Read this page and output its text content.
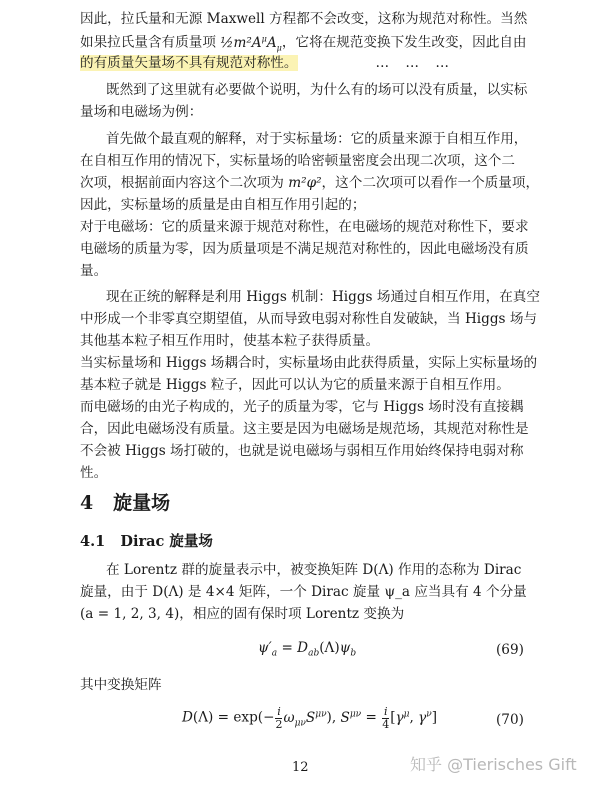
因此，拉氏量和无源 Maxwell 方程都不会改变，这称为规范对称性。当然
如果拉氏量含有质量项 $\frac{1}{2}m^2A^\mu A_\mu$，它将在规范变换下发生改变，因此自由
的有质量矢量场不具有规范对称性。	… … …
既然到了这里就有必要做个说明，为什么有的场可以没有质量，以实标
量场和电磁场为例：
首先做个最直观的解释，对于实标量场：它的质量来源于自相互作用，
在自相互作用的情况下，实标量场的哈密顿量密度会出现二次项，这个二
次项，根据前面内容这个二次项为 m²φ²，这个二次项可以看作一个质量项，
因此，实标量场的质量是由自相互作用引起的；
对于电磁场：它的质量来源于规范对称性，在电磁场的规范对称性下，要求
电磁场的质量为零，因为质量项是不满足规范对称性的，因此电磁场没有质
量。
现在正统的解释是利用 Higgs 机制：Higgs 场通过自相互作用，在真空
中形成一个非零真空期望值，从而导致电弱对称性自发破缺，当 Higgs 场与
其他基本粒子相互作用时，使基本粒子获得质量。
当实标量场和 Higgs 场耦合时，实标量场由此获得质量，实际上实标量场的
基本粒子就是 Higgs 粒子，因此可以认为它的质量来源于自相互作用。
而电磁场的由光子构成的，光子的质量为零，它与 Higgs 场时没有直接耦
合，因此电磁场没有质量。这主要是因为电磁场是规范场，其规范对称性是
不会被 Higgs 场打破的，也就是说电磁场与弱相互作用始终保持电弱对称
性。
4 旋量场
4.1 Dirac 旋量场
在 Lorentz 群的旋量表示中，被变换矩阵 D(Λ) 作用的态称为 Dirac
旋量，由于 D(Λ) 是 4×4 矩阵，一个 Dirac 旋量 ψ_a 应当具有 4 个分量
(a = 1, 2, 3, 4)，相应的固有保时项 Lorentz 变换为
$\psi'_a = D_{ab}(\Lambda)\psi_b$	(69)
其中变换矩阵
$D(\Lambda) = \exp(- \frac{i}{2} \omega_{\mu\nu}S^{\mu\nu})$, $S^{\mu\nu} = \frac{i}{4} [\gamma^\mu$, $\gamma^\nu$]	(70)
12	知乎 @Tierisches Gift
